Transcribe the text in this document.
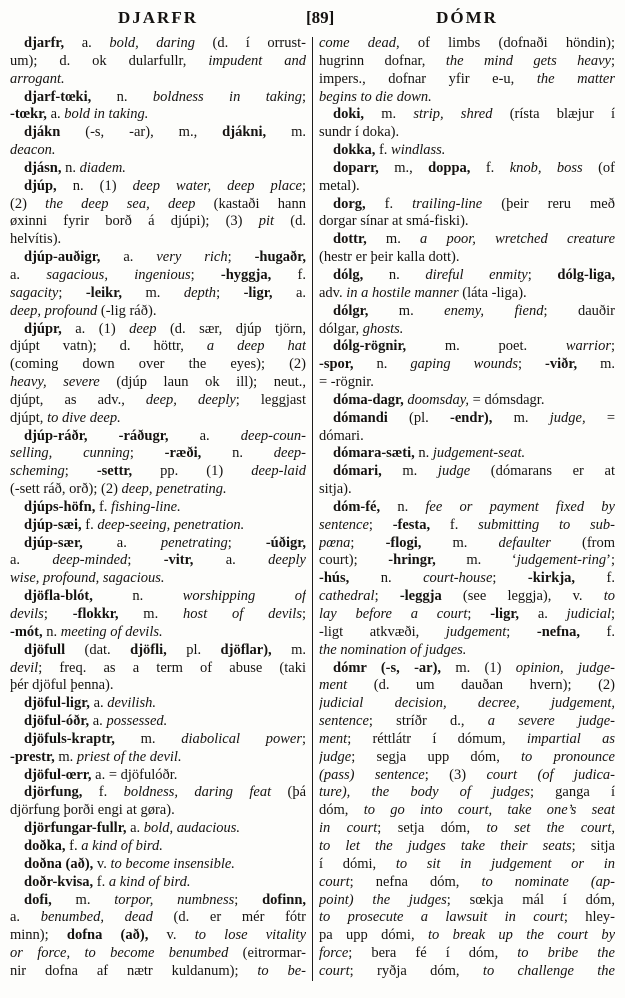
DJARFR	[89]	DÓMR
djarfr, a. bold, daring (d. í orrust-
um); d. ok dularfullr, impudent and
arrogant.
djarf-tœki, n. boldness in taking;
-tœkr, a. bold in taking.
djákn (-s, -ar), m., djákni, m.
deacon.
djásn, n. diadem.
djúp, n. (1) deep water, deep place;
(2) the deep sea, deep (kastaði hann
øxinni fyrir borð á djúpi); (3) pit (d.
helvítis).
djúp-auðigr, a. very rich; -hugaðr,
a. sagacious, ingenious; -hyggja, f.
sagacity; -leikr, m. depth; -ligr, a.
deep, profound (-lig ráð).
djúpr, a. (1) deep (d. sær, djúp tjörn,
djúpt vatn); d. höttr, a deep hat
(coming down over the eyes); (2)
heavy, severe (djúp laun ok ill); neut.,
djúpt, as adv., deep, deeply; leggjast
djúpt, to dive deep.
djúp-ráðr, -ráðugr, a. deep-coun-
selling, cunning; -ræði, n. deep-
scheming; -settr, pp. (1) deep-laid
(-sett ráð, orð); (2) deep, penetrating.
djúps-höfn, f. fishing-line.
djúp-sæi, f. deep-seeing, penetration.
djúp-sær, a. penetrating; -úðigr,
a. deep-minded; -vitr, a. deeply
wise, profound, sagacious.
djöfla-blót, n. worshipping of
devils; -flokkr, m. host of devils;
-mót, n. meeting of devils.
djöfull (dat. djöfli, pl. djöflar), m.
devil; freq. as a term of abuse (taki
þér djöful þenna).
djöful-ligr, a. devilish.
djöful-óðr, a. possessed.
djöfuls-kraptr, m. diabolical power;
-prestr, m. priest of the devil.
djöful-œrr, a. = djöfulóðr.
djörfung, f. boldness, daring feat (þá
djörfung þorði engi at gøra).
djörfungar-fullr, a. bold, audacious.
doðka, f. a kind of bird.
doðna (að), v. to become insensible.
doðr-kvisa, f. a kind of bird.
dofi, m. torpor, numbness; dofinn,
a. benumbed, dead (d. er mér fótr
minn); dofna (að), v. to lose vitality
or force, to become benumbed (eitrormar-
nir dofna af nætr kuldanum); to be-
come dead, of limbs (dofnaði höndin);
hugrinn dofnar, the mind gets heavy;
impers., dofnar yfir e-u, the matter
begins to die down.
doki, m. strip, shred (rísta blæjur í
sundr í doka).
dokka, f. windlass.
doparr, m., doppa, f. knob, boss (of
metal).
dorg, f. trailing-line (þeir reru með
dorgar sínar at smá-fiski).
dottr, m. a poor, wretched creature
(hestr er þeir kalla dott).
dólg, n. direful enmity; dólg-liga,
adv. in a hostile manner (láta -liga).
dólgr, m. enemy, fiend; dauðir
dólgar, ghosts.
dólg-rögnir, m. poet. warrior;
-spor, n. gaping wounds; -viðr, m.
= -rögnir.
dóma-dagr, doomsday, = dómsdagr.
dómandi (pl. -endr), m. judge, =
dómari.
dómara-sæti, n. judgement-seat.
dómari, m. judge (dómarans er at
sitja).
dóm-fé, n. fee or payment fixed by
sentence; -festa, f. submitting to sub-
pœna; -flogi, m. defaulter (from
court); -hringr, m. ‘judgement-ring’;
-hús, n. court-house; -kirkja, f.
cathedral; -leggja (see leggja), v. to
lay before a court; -ligr, a. judicial;
-ligt atkvæði, judgement; -nefna, f.
the nomination of judges.
dómr (-s, -ar), m. (1) opinion, judge-
ment (d. um dauðan hvern); (2)
judicial decision, decree, judgement,
sentence; stríðr d., a severe judge-
ment; réttlátr í dómum, impartial as
judge; segja upp dóm, to pronounce
(pass) sentence; (3) court (of judica-
ture), the body of judges; ganga í
dóm, to go into court, take one’s seat
in court; setja dóm, to set the court,
to let the judges take their seats; sitja
í dómi, to sit in judgement or in
court; nefna dóm, to nominate (ap-
point) the judges; sœkja mál í dóm,
to prosecute a lawsuit in court; hley-
pa upp dómi, to break up the court by
force; bera fé í dóm, to bribe the
court; ryðja dóm, to challenge the
